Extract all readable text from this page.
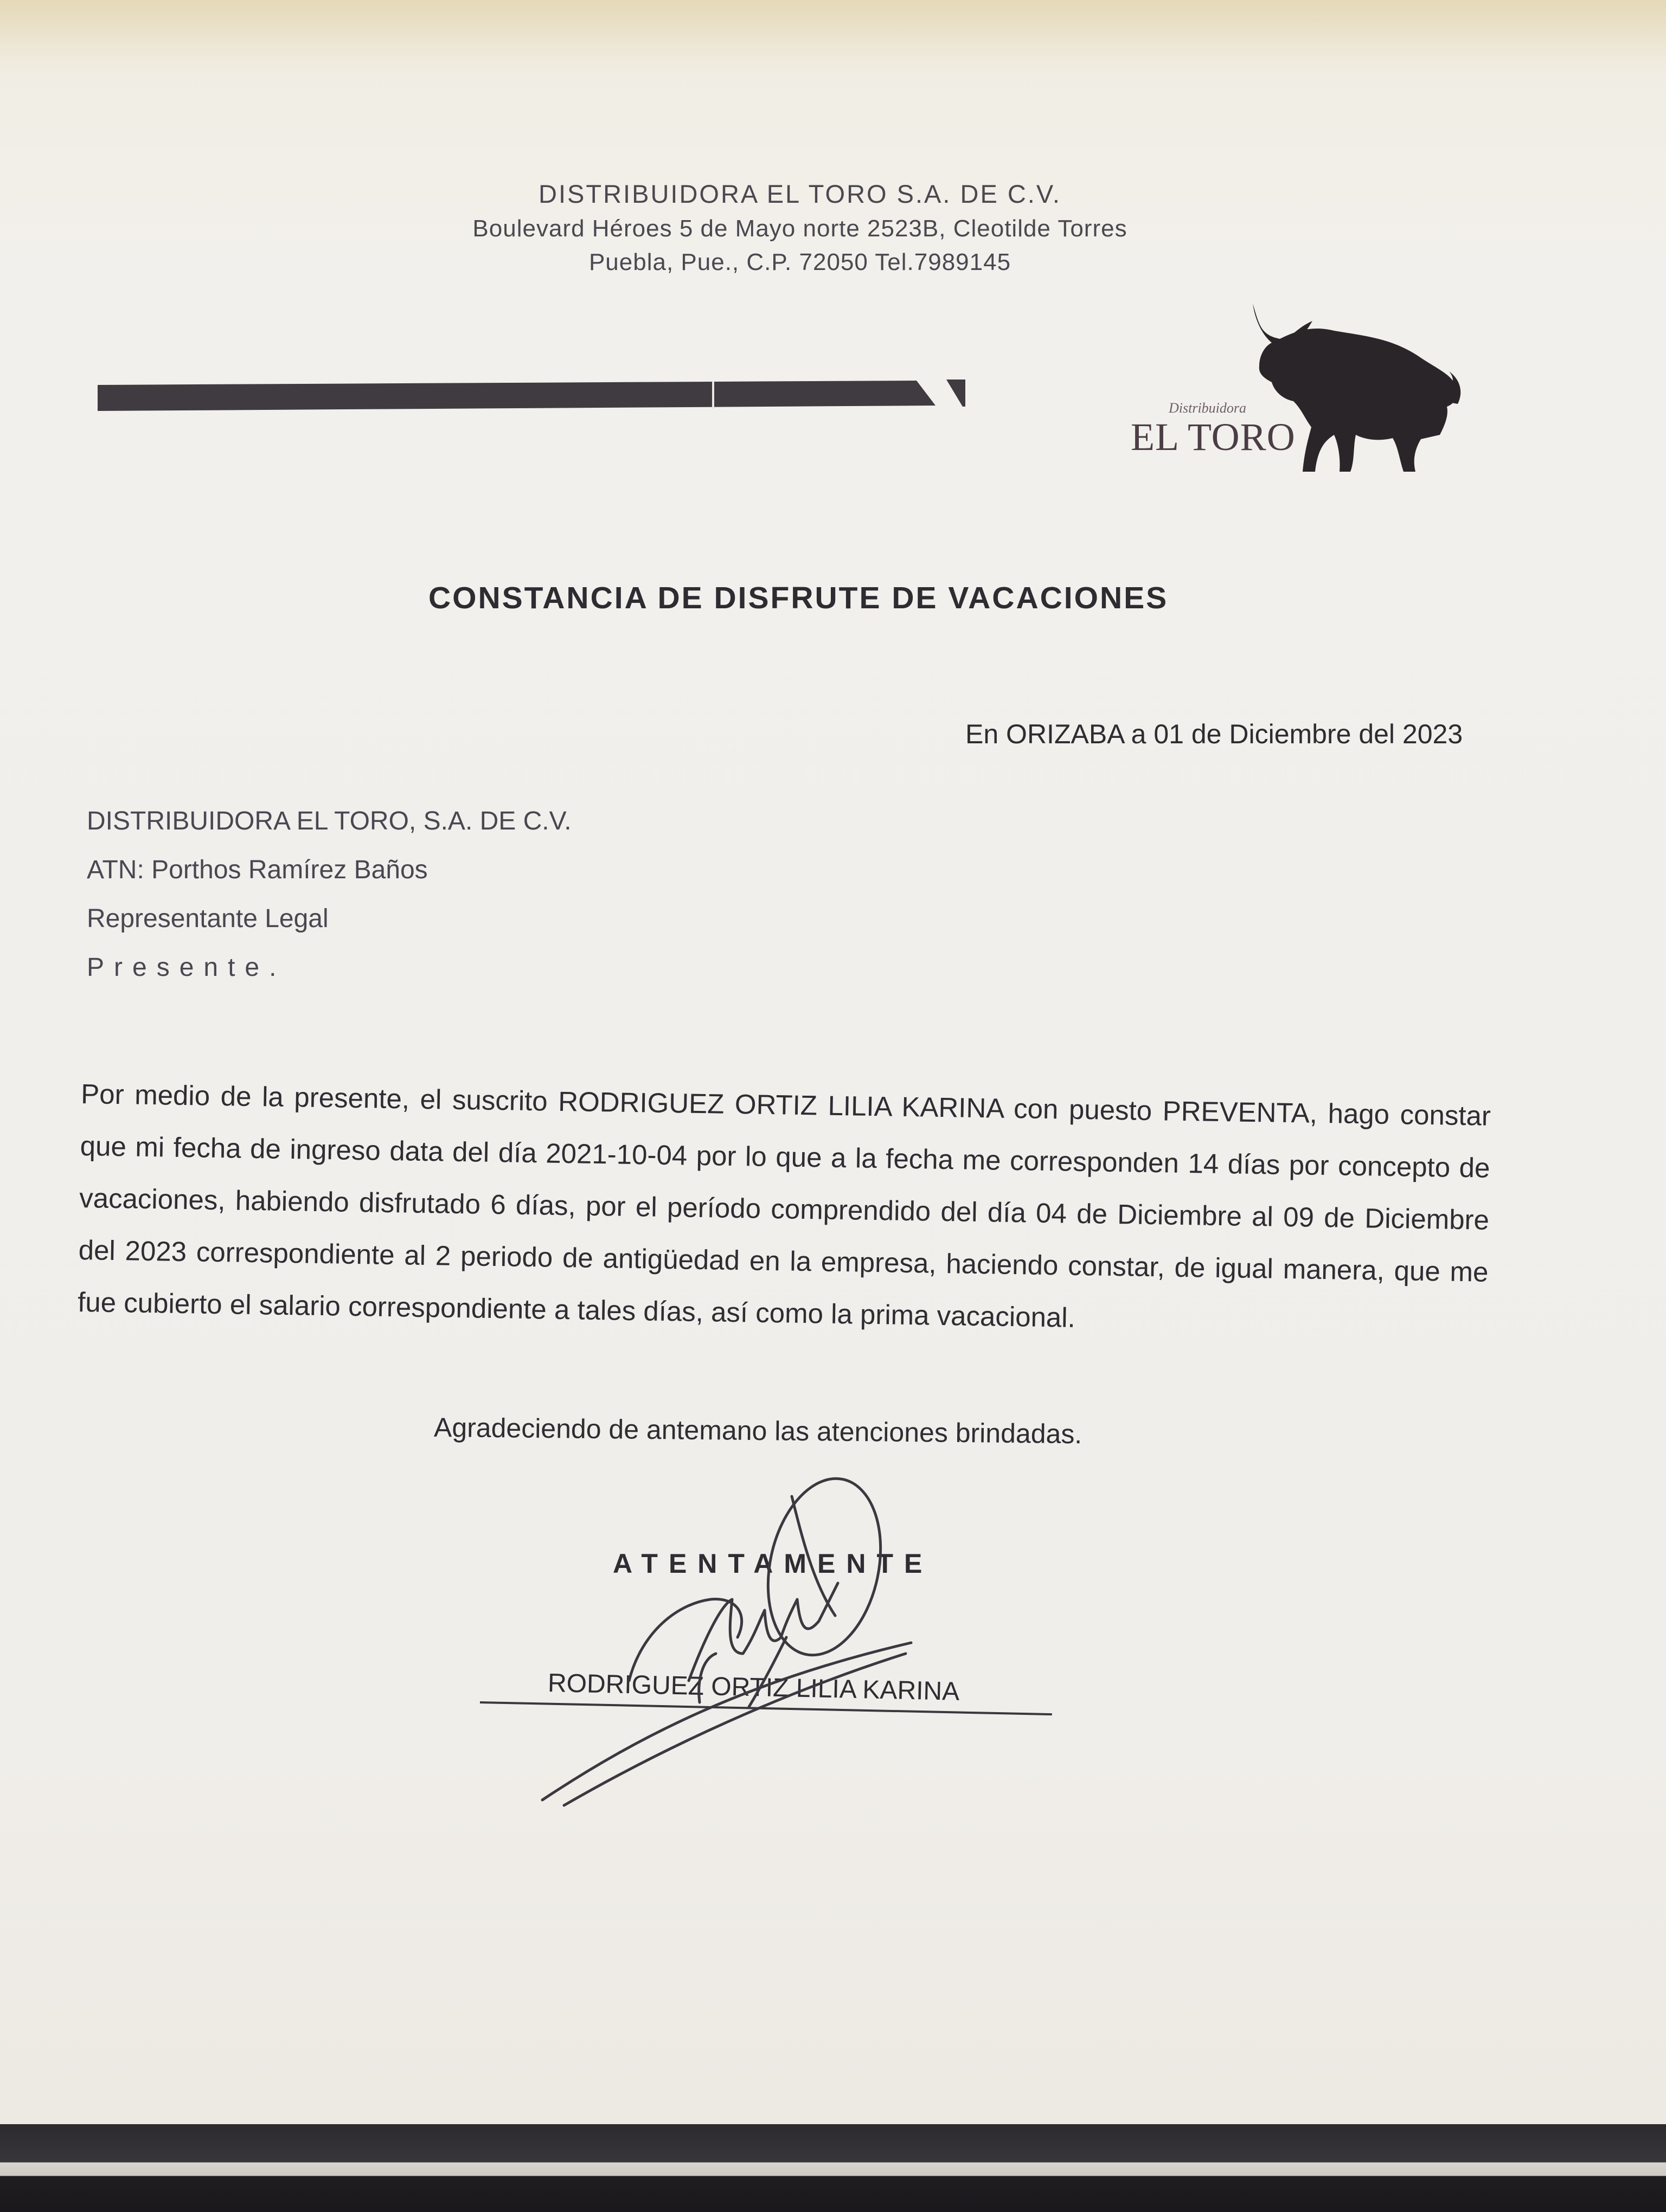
DISTRIBUIDORA EL TORO S.A. DE C.V.
Boulevard Héroes 5 de Mayo norte 2523B, Cleotilde Torres
Puebla, Pue., C.P. 72050 Tel.7989145
Distribuidora
EL TORO
CONSTANCIA DE DISFRUTE DE VACACIONES
En ORIZABA a 01 de Diciembre del 2023
DISTRIBUIDORA EL TORO, S.A. DE C.V.
ATN: Porthos Ramírez Baños
Representante Legal
Presente.
Por medio de la presente, el suscrito RODRIGUEZ ORTIZ LILIA KARINA con puesto PREVENTA, hago constar que mi fecha de ingreso data del día 2021-10-04 por lo que a la fecha me corresponden 14 días por concepto de vacaciones, habiendo disfrutado 6 días, por el período comprendido del día 04 de Diciembre al 09 de Diciembre del 2023 correspondiente al 2 periodo de antigüedad en la empresa, haciendo constar, de igual manera, que me fue cubierto el salario correspondiente a tales días, así como la prima vacacional.
Agradeciendo de antemano las atenciones brindadas.
ATENTAMENTE
RODRIGUEZ ORTIZ LILIA KARINA
